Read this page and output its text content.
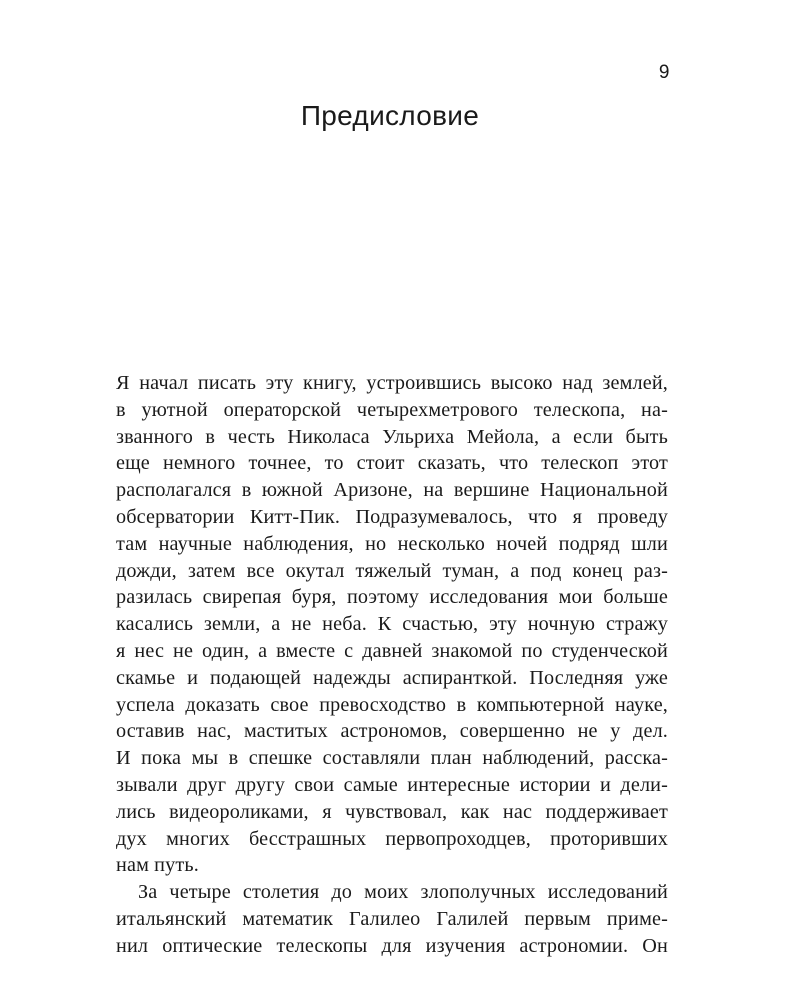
9
Предисловие
Я начал писать эту книгу, устроившись высоко над землей,
в уютной операторской четырехметрового телескопа, на-
званного в честь Николаса Ульриха Мейола, а если быть
еще немного точнее, то стоит сказать, что телескоп этот
располагался в южной Аризоне, на вершине Национальной
обсерватории Китт-Пик. Подразумевалось, что я проведу
там научные наблюдения, но несколько ночей подряд шли
дожди, затем все окутал тяжелый туман, а под конец раз-
разилась свирепая буря, поэтому исследования мои больше
касались земли, а не неба. К счастью, эту ночную стражу
я нес не один, а вместе с давней знакомой по студенческой
скамье и подающей надежды аспиранткой. Последняя уже
успела доказать свое превосходство в компьютерной науке,
оставив нас, маститых астрономов, совершенно не у дел.
И пока мы в спешке составляли план наблюдений, расска-
зывали друг другу свои самые интересные истории и дели-
лись видеороликами, я чувствовал, как нас поддерживает
дух многих бесстрашных первопроходцев, проторивших
нам путь.
За четыре столетия до моих злополучных исследований
итальянский математик Галилео Галилей первым приме-
нил оптические телескопы для изучения астрономии. Он
